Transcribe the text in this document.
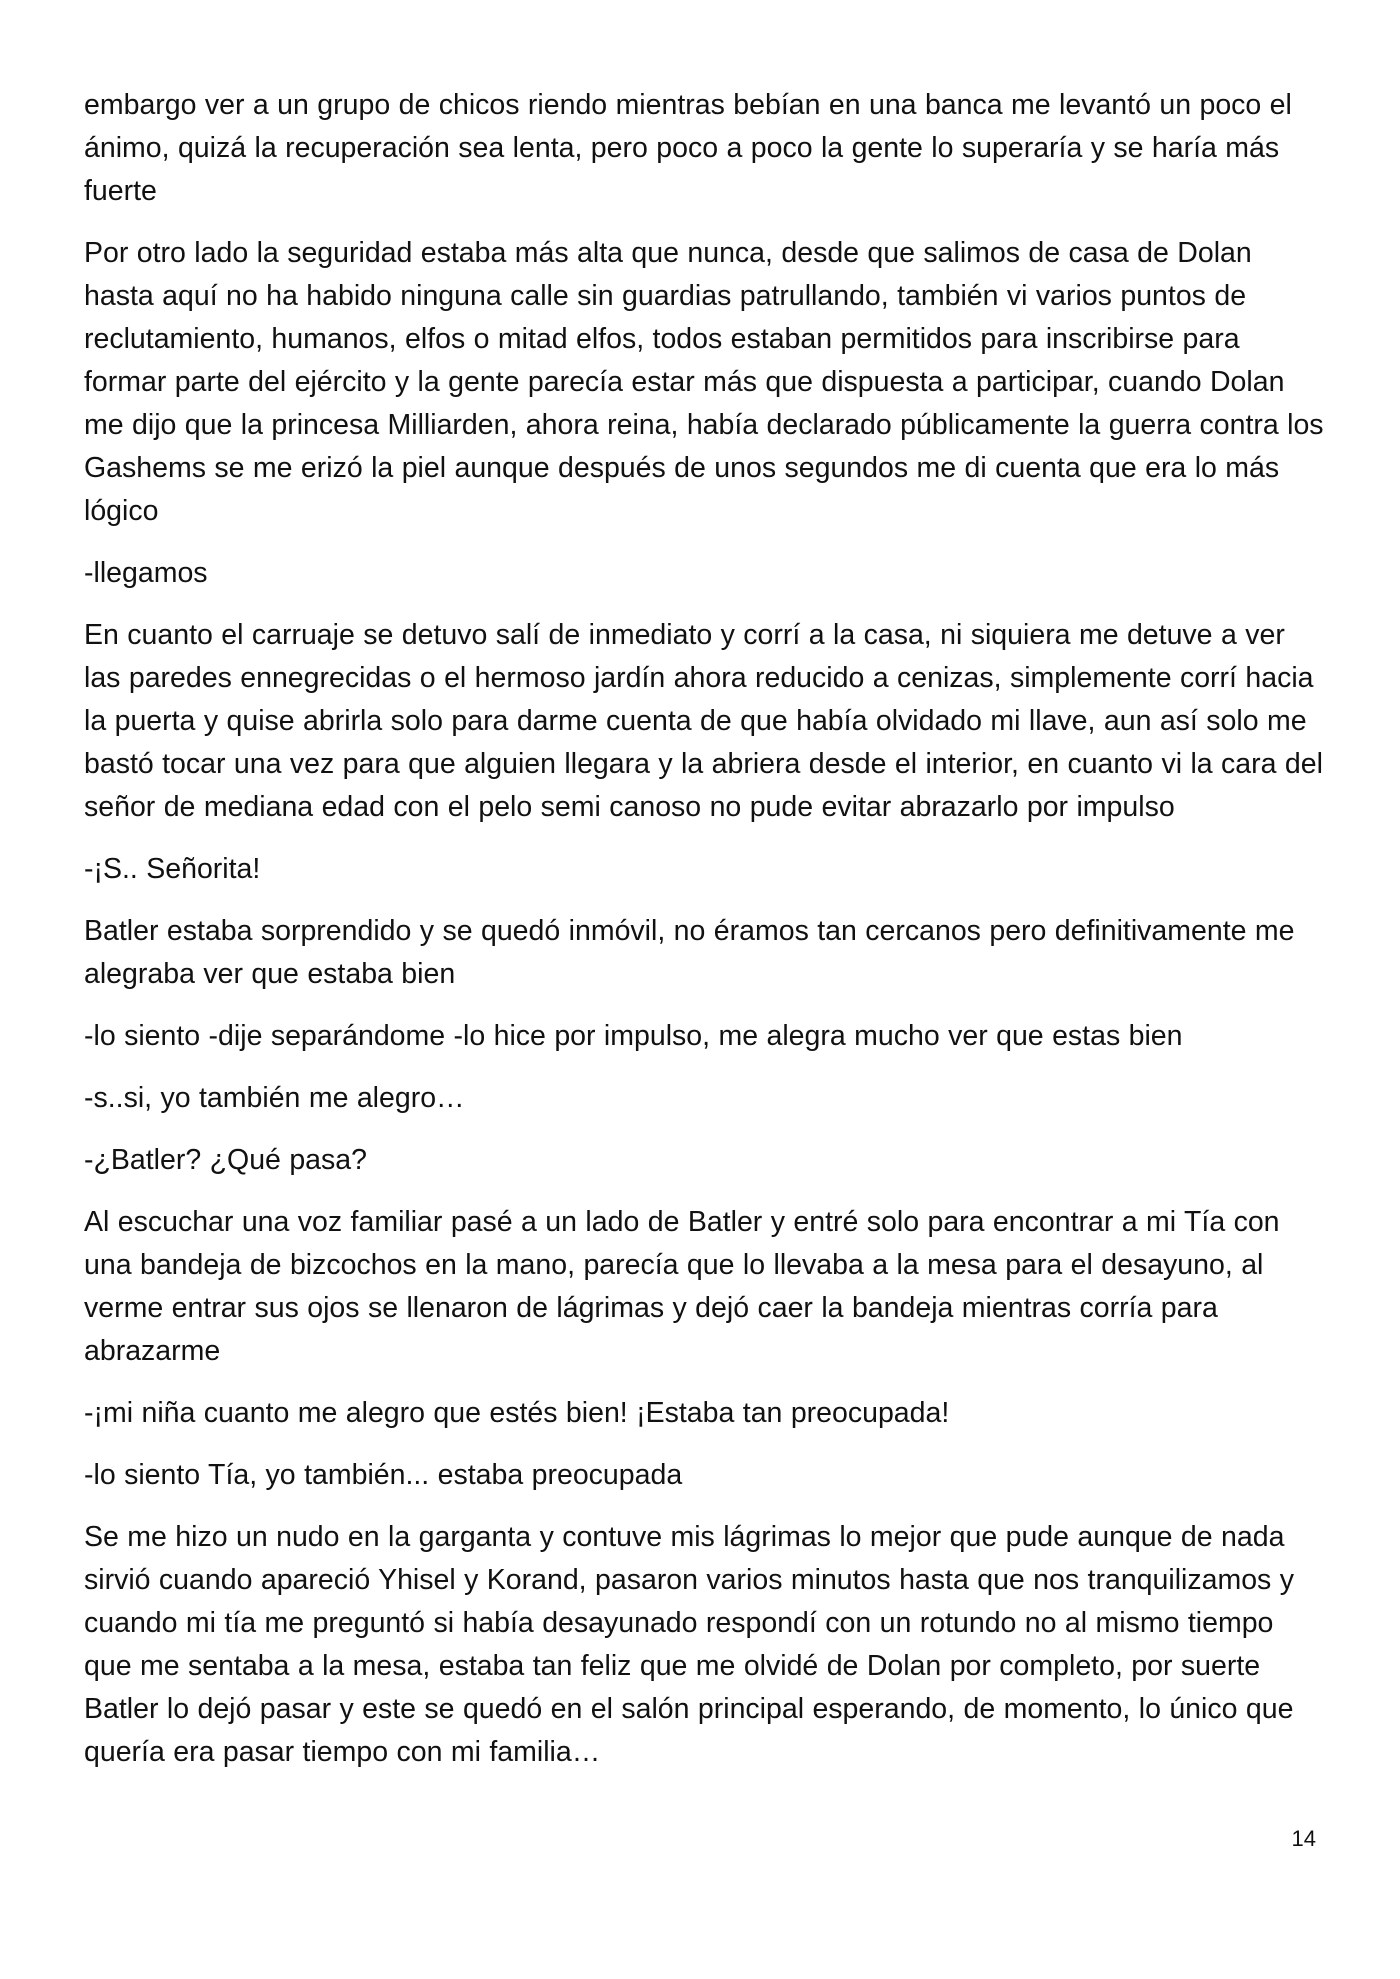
embargo ver a un grupo de chicos riendo mientras bebían en una banca me levantó un poco el ánimo, quizá la recuperación sea lenta, pero poco a poco la gente lo superaría y se haría más fuerte

Por otro lado la seguridad estaba más alta que nunca, desde que salimos de casa de Dolan hasta aquí no ha habido ninguna calle sin guardias patrullando, también vi varios puntos de reclutamiento, humanos, elfos o mitad elfos, todos estaban permitidos para inscribirse para formar parte del ejército y la gente parecía estar más que dispuesta a participar, cuando Dolan me dijo que la princesa Milliarden, ahora reina, había declarado públicamente la guerra contra los Gashems se me erizó la piel aunque después de unos segundos me di cuenta que era lo más lógico

-llegamos

En cuanto el carruaje se detuvo salí de inmediato y corrí a la casa, ni siquiera me detuve a ver las paredes ennegrecidas o el hermoso jardín ahora reducido a cenizas, simplemente corrí hacia la puerta y quise abrirla solo para darme cuenta de que había olvidado mi llave, aun así solo me bastó tocar una vez para que alguien llegara y la abriera desde el interior, en cuanto vi la cara del señor de mediana edad con el pelo semi canoso no pude evitar abrazarlo por impulso

-¡S.. Señorita!

Batler estaba sorprendido y se quedó inmóvil, no éramos tan cercanos pero definitivamente me alegraba ver que estaba bien

-lo siento -dije separándome -lo hice por impulso, me alegra mucho ver que estas bien

-s..si, yo también me alegro…

-¿Batler? ¿Qué pasa?

Al escuchar una voz familiar pasé a un lado de Batler y entré solo para encontrar a mi Tía con una bandeja de bizcochos en la mano, parecía que lo llevaba a la mesa para el desayuno, al verme entrar sus ojos se llenaron de lágrimas y dejó caer la bandeja mientras corría para abrazarme

-¡mi niña cuanto me alegro que estés bien! ¡Estaba tan preocupada!

-lo siento Tía, yo también... estaba preocupada

Se me hizo un nudo en la garganta y contuve mis lágrimas lo mejor que pude aunque de nada sirvió cuando apareció Yhisel y Korand, pasaron varios minutos hasta que nos tranquilizamos y cuando mi tía me preguntó si había desayunado respondí con un rotundo no al mismo tiempo que me sentaba a la mesa, estaba tan feliz que me olvidé de Dolan por completo, por suerte Batler lo dejó pasar y este se quedó en el salón principal esperando, de momento, lo único que quería era pasar tiempo con mi familia…

14
